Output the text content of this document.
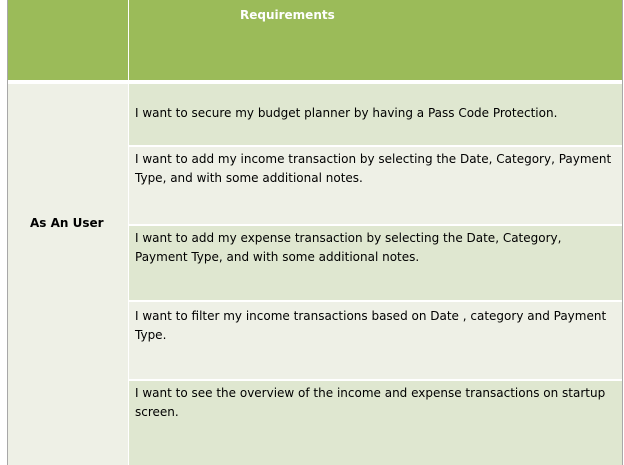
Requirements
As An User
I want to secure my budget planner by having a Pass Code Protection.
I want to add my income transaction by selecting the Date, Category, Payment Type, and with some additional notes.
I want to add my expense transaction by selecting the Date, Category, Payment Type, and with some additional notes.
I want to filter my income transactions based on Date , category and Payment Type.
I want to see the overview of the income and expense transactions on startup screen.
